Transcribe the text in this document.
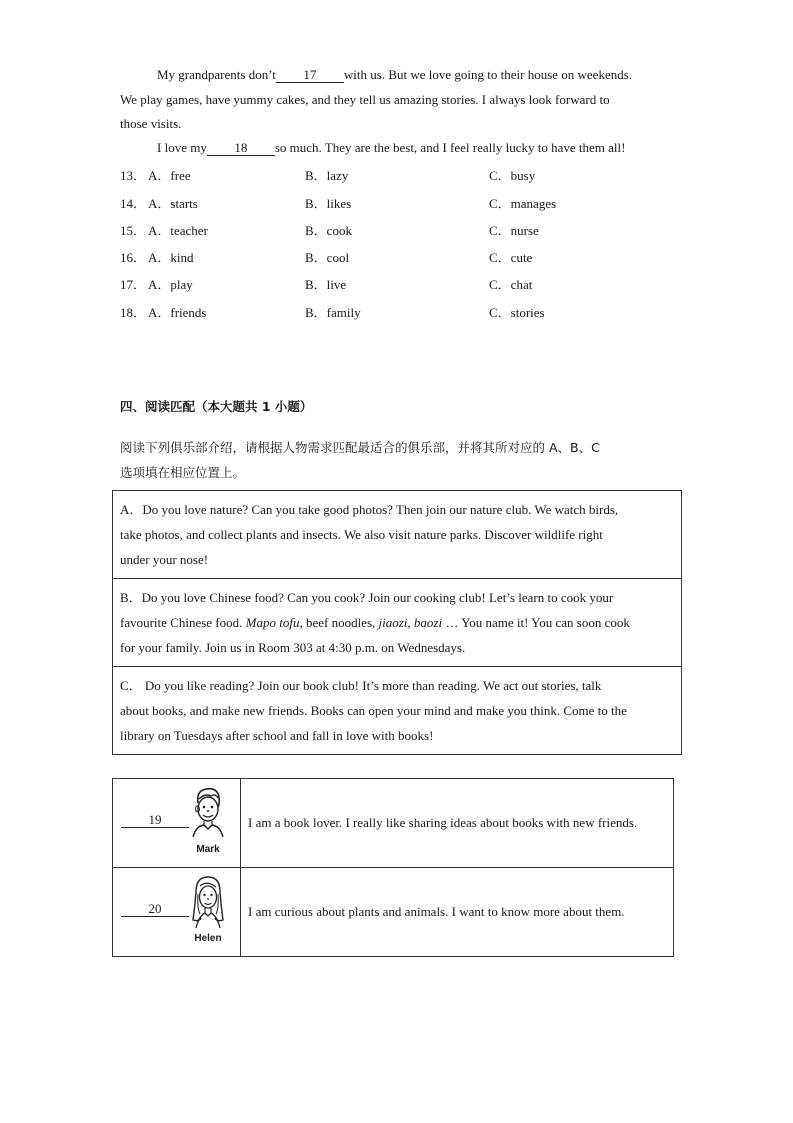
My grandparents don’t 17 with us. But we love going to their house on weekends.
We play games, have yummy cakes, and they tell us amazing stories. I always look forward to
those visits.
I love my 18 so much. They are the best, and I feel really lucky to have them all!
13． A．free	B．lazy	C．busy
14． A．starts	B．likes	C．manages
15． A．teacher	B．cook	C．nurse
16． A．kind	B．cool	C．cute
17． A．play	B．live	C．chat
18． A．friends	B．family	C．stories
四、阅读匹配（本大题共 1 小题）
阅读下列俱乐部介绍，请根据人物需求匹配最适合的俱乐部，并将其所对应的 A、B、C
选项填在相应位置上。
A．Do you love nature? Can you take good photos? Then join our nature club. We watch birds,
take photos, and collect plants and insects. We also visit nature parks. Discover wildlife right
under your nose!

B．Do you love Chinese food? Can you cook? Join our cooking club! Let’s learn to cook your
favourite Chinese food. Mapo tofu, beef noodles, jiaozi, baozi … You name it! You can soon cook
for your family. Join us in Room 303 at 4:30 p.m. on Wednesdays.

C． Do you like reading? Join our book club! It’s more than reading. We act out stories, talk
about books, and make new friends. Books can open your mind and make you think. Come to the
library on Tuesdays after school and fall in love with books!
19
Mark	I am a book lover. I really like sharing ideas about books with new friends.

20
Helen	I am curious about plants and animals. I want to know more about them.
